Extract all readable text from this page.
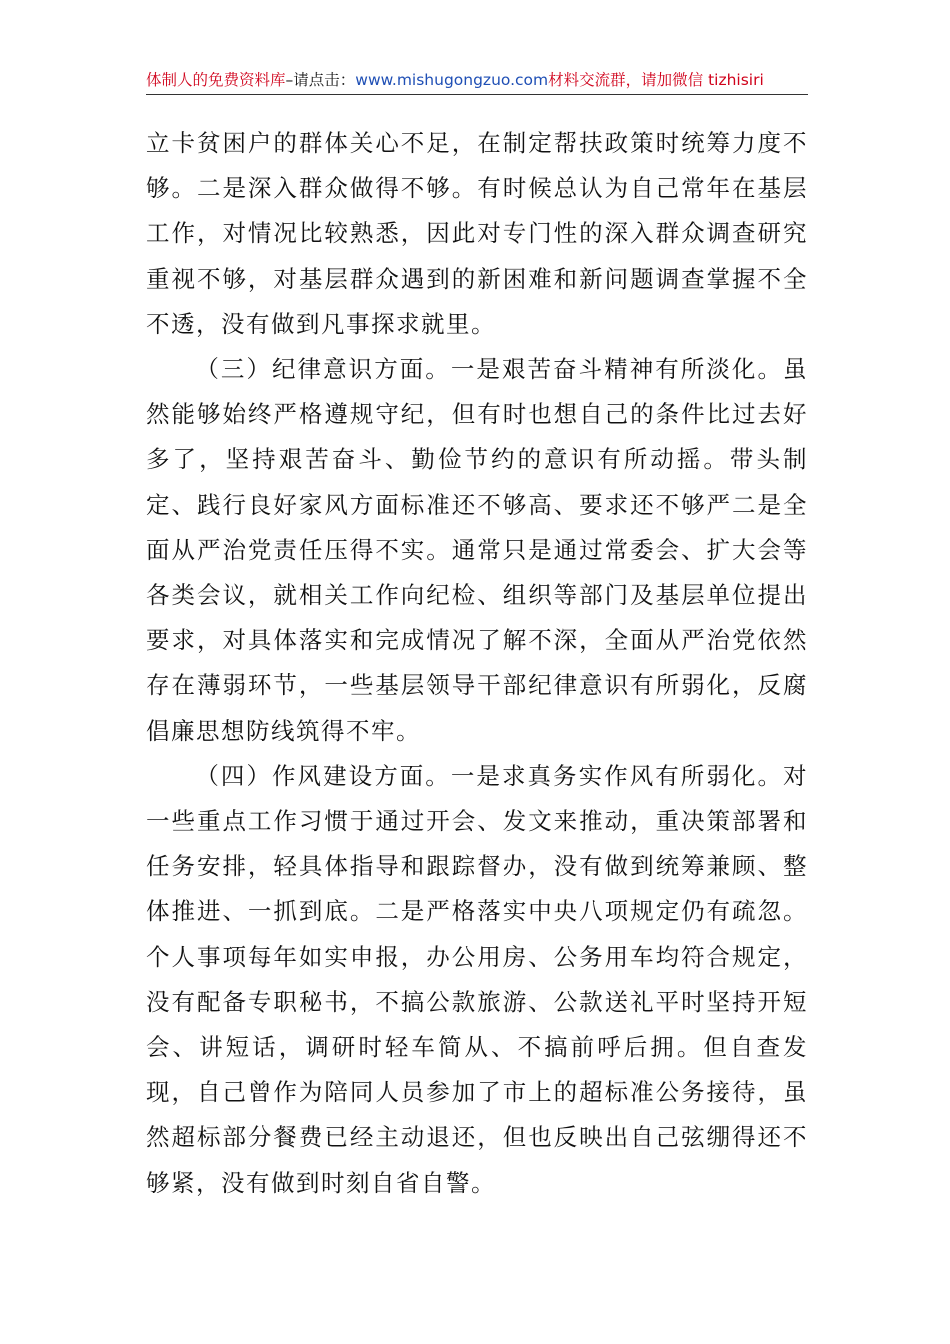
体制人的免费资料库–请点击：www.mishugongzuo.com材料交流群，请加微信 tizhisiri

立卡贫困户的群体关心不足，在制定帮扶政策时统筹力度不够。二是深入群众做得不够。有时候总认为自己常年在基层工作，对情况比较熟悉，因此对专门性的深入群众调查研究重视不够，对基层群众遇到的新困难和新问题调查掌握不全不透，没有做到凡事探求就里。

（三）纪律意识方面。一是艰苦奋斗精神有所淡化。虽然能够始终严格遵规守纪，但有时也想自己的条件比过去好多了，坚持艰苦奋斗、勤俭节约的意识有所动摇。带头制定、践行良好家风方面标准还不够高、要求还不够严二是全面从严治党责任压得不实。通常只是通过常委会、扩大会等各类会议，就相关工作向纪检、组织等部门及基层单位提出要求，对具体落实和完成情况了解不深，全面从严治党依然存在薄弱环节，一些基层领导干部纪律意识有所弱化，反腐倡廉思想防线筑得不牢。

（四）作风建设方面。一是求真务实作风有所弱化。对一些重点工作习惯于通过开会、发文来推动，重决策部署和任务安排，轻具体指导和跟踪督办，没有做到统筹兼顾、整体推进、一抓到底。二是严格落实中央八项规定仍有疏忽。个人事项每年如实申报，办公用房、公务用车均符合规定，没有配备专职秘书，不搞公款旅游、公款送礼平时坚持开短会、讲短话，调研时轻车简从、不搞前呼后拥。但自查发现，自己曾作为陪同人员参加了市上的超标准公务接待，虽然超标部分餐费已经主动退还，但也反映出自己弦绷得还不够紧，没有做到时刻自省自警。
